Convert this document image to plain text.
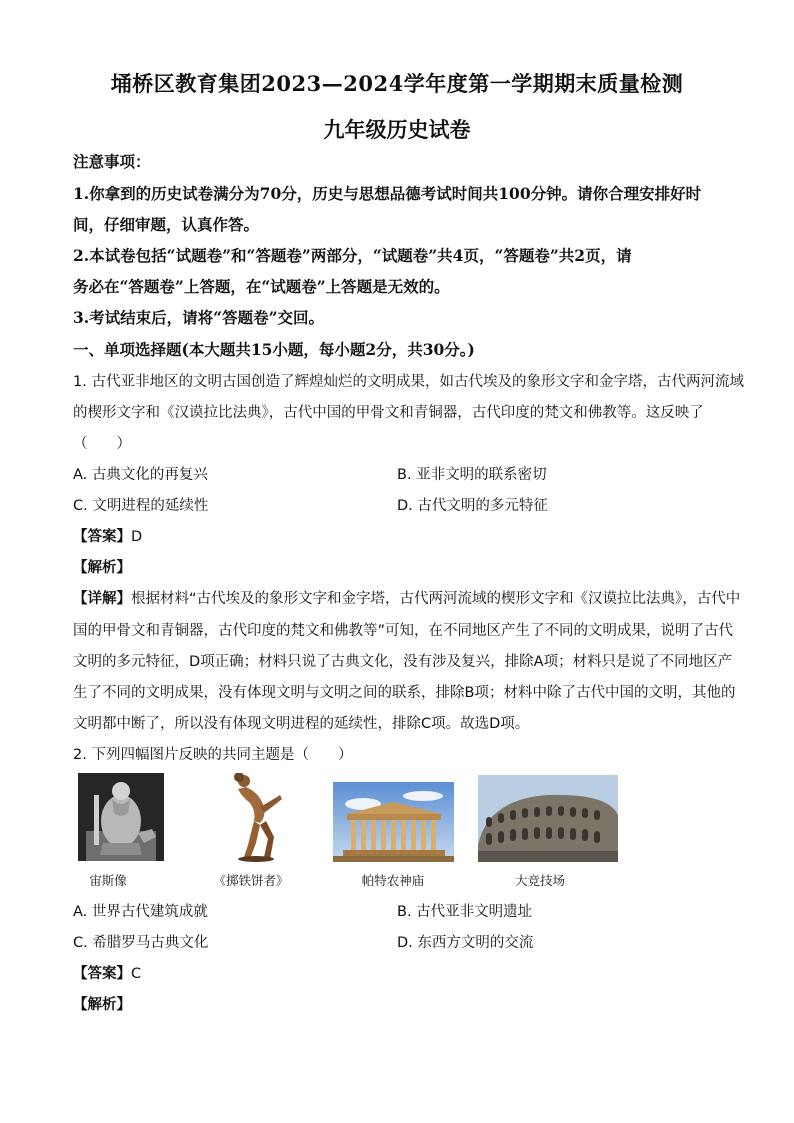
埇桥区教育集团2023—2024学年度第一学期期末质量检测
九年级历史试卷
注意事项：
1.你拿到的历史试卷满分为70分，历史与思想品德考试时间共100分钟。请你合理安排好时
间，仔细审题，认真作答。
2.本试卷包括“试题卷”和“答题卷”两部分，“试题卷”共4页，“答题卷”共2页，请
务必在“答题卷”上答题，在“试题卷”上答题是无效的。
3.考试结束后，请将“答题卷”交回。
一、单项选择题(本大题共15小题，每小题2分，共30分。)
1. 古代亚非地区的文明古国创造了辉煌灿烂的文明成果，如古代埃及的象形文字和金字塔，古代两河流域
的楔形文字和《汉谟拉比法典》，古代中国的甲骨文和青铜器，古代印度的梵文和佛教等。这反映了
（　　）
A. 古典文化的再复兴	B. 亚非文明的联系密切
C. 文明进程的延续性	D. 古代文明的多元特征
【答案】D
【解析】
【详解】根据材料“古代埃及的象形文字和金字塔，古代两河流域的楔形文字和《汉谟拉比法典》，古代中
国的甲骨文和青铜器，古代印度的梵文和佛教等”可知，在不同地区产生了不同的文明成果，说明了古代
文明的多元特征，D项正确；材料只说了古典文化，没有涉及复兴，排除A项；材料只是说了不同地区产
生了不同的文明成果，没有体现文明与文明之间的联系，排除B项；材料中除了古代中国的文明，其他的
文明都中断了，所以没有体现文明进程的延续性，排除C项。故选D项。
2. 下列四幅图片反映的共同主题是（　　）
宙斯像	《掷铁饼者》	帕特农神庙	大竞技场
A. 世界古代建筑成就	B. 古代亚非文明遗址
C. 希腊罗马古典文化	D. 东西方文明的交流
【答案】C
【解析】
